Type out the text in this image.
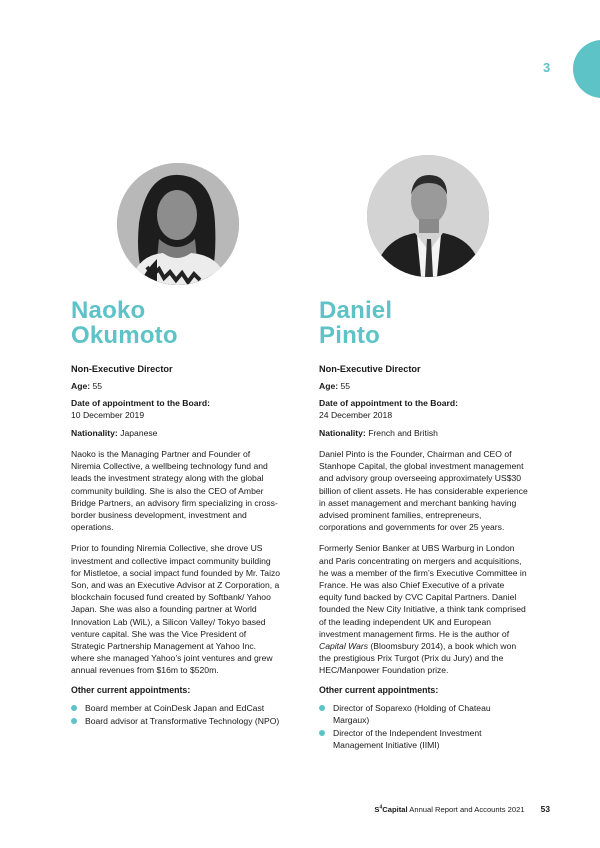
3
Naoko
Okumoto
Non-Executive Director
Age: 55
Date of appointment to the Board:
10 December 2019
Nationality: Japanese

Naoko is the Managing Partner and Founder of Niremia Collective, a wellbeing technology fund and leads the investment strategy along with the global community building. She is also the CEO of Amber Bridge Partners, an advisory firm specializing in cross-border business development, investment and operations.

Prior to founding Niremia Collective, she drove US investment and collective impact community building for Mistletoe, a social impact fund founded by Mr. Taizo Son, and was an Executive Advisor at Z Corporation, a blockchain focused fund created by Softbank/ Yahoo Japan. She was also a founding partner at World Innovation Lab (WiL), a Silicon Valley/ Tokyo based venture capital. She was the Vice President of Strategic Partnership Management at Yahoo Inc. where she managed Yahoo’s joint ventures and grew annual revenues from $16m to $520m.

Other current appointments:
Board member at CoinDesk Japan and EdCast
Board advisor at Transformative Technology (NPO)
Daniel
Pinto
Non-Executive Director
Age: 55
Date of appointment to the Board:
24 December 2018
Nationality: French and British

Daniel Pinto is the Founder, Chairman and CEO of Stanhope Capital, the global investment management and advisory group overseeing approximately US$30 billion of client assets. He has considerable experience in asset management and merchant banking having advised prominent families, entrepreneurs, corporations and governments for over 25 years.

Formerly Senior Banker at UBS Warburg in London and Paris concentrating on mergers and acquisitions, he was a member of the firm’s Executive Committee in France. He was also Chief Executive of a private equity fund backed by CVC Capital Partners. Daniel founded the New City Initiative, a think tank comprised of the leading independent UK and European investment management firms. He is the author of Capital Wars (Bloomsbury 2014), a book which won the prestigious Prix Turgot (Prix du Jury) and the HEC/Manpower Foundation prize.

Other current appointments:
Director of Soparexo (Holding of Chateau Margaux)
Director of the Independent Investment Management Initiative (IIMI)
$S^4Capital$ Annual Report and Accounts 2021 53
